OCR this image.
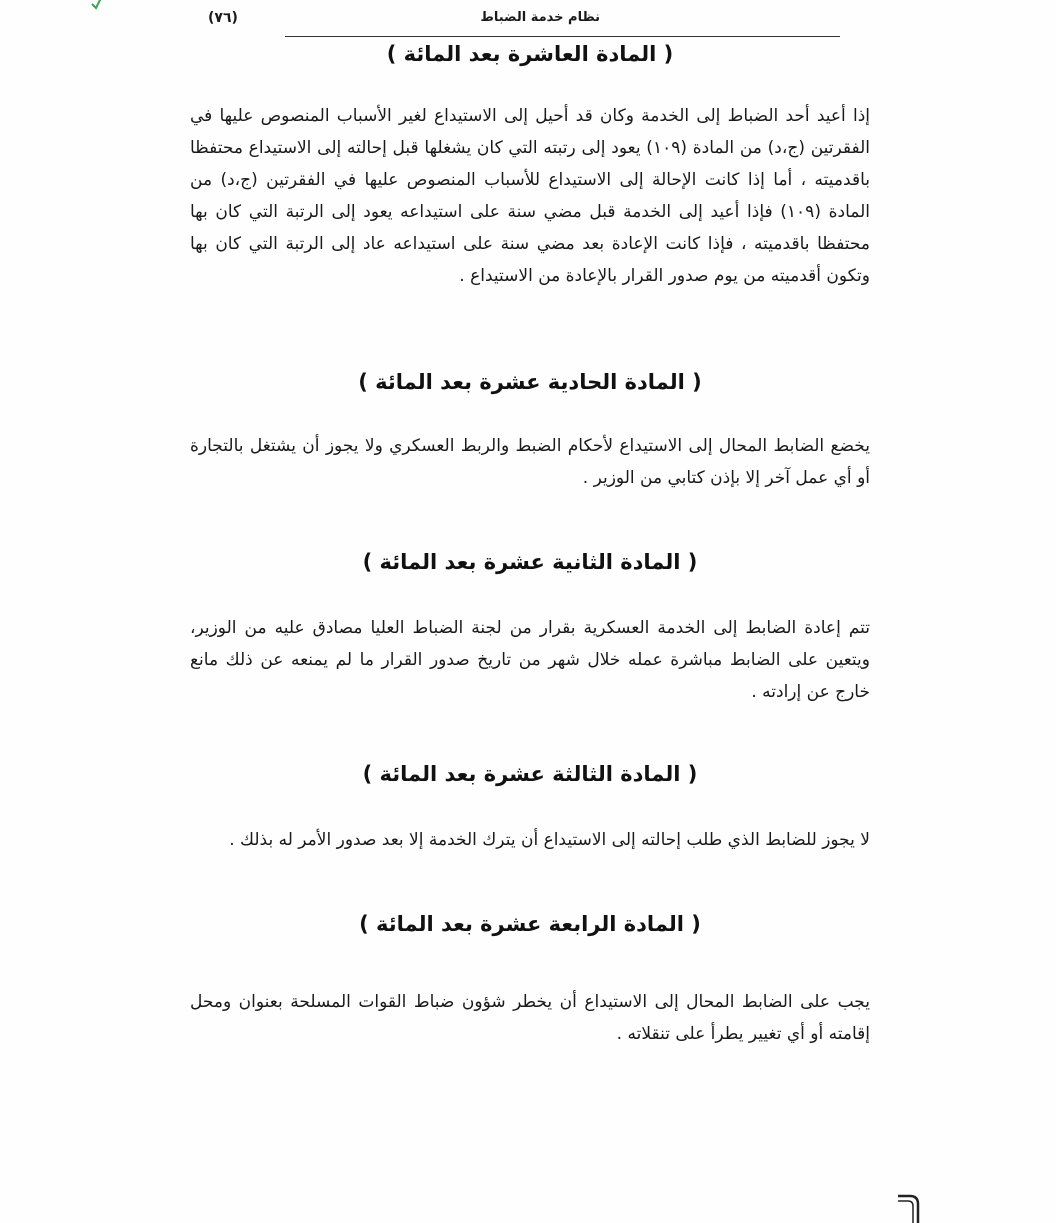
نظام خدمة الضباط
(٧٦)
( المادة العاشرة بعد المائة )
إذا أعيد أحد الضباط إلى الخدمة وكان قد أحيل إلى الاستيداع لغير الأسباب المنصوص عليها في الفقرتين (ج،د) من المادة (١٠٩) يعود إلى رتبته التي كان يشغلها قبل إحالته إلى الاستيداع محتفظا باقدميته ، أما إذا كانت الإحالة إلى الاستيداع للأسباب المنصوص عليها في الفقرتين (ج،د) من المادة (١٠٩) فإذا أعيد إلى الخدمة قبل مضي سنة على استيداعه يعود إلى الرتبة التي كان بها محتفظا باقدميته ، فإذا كانت الإعادة بعد مضي سنة على استيداعه عاد إلى الرتبة التي كان بها وتكون أقدميته من يوم صدور القرار بالإعادة من الاستيداع .
( المادة الحادية عشرة بعد المائة )
يخضع الضابط المحال إلى الاستيداع لأحكام الضبط والربط العسكري ولا يجوز أن يشتغل بالتجارة أو أي عمل آخر إلا بإذن كتابي من الوزير .
( المادة الثانية عشرة بعد المائة )
تتم إعادة الضابط إلى الخدمة العسكرية بقرار من لجنة الضباط العليا مصادق عليه من الوزير، ويتعين على الضابط مباشرة عمله خلال شهر من تاريخ صدور القرار ما لم يمنعه عن ذلك مانع خارج عن إرادته .
( المادة الثالثة عشرة بعد المائة )
لا يجوز للضابط الذي طلب إحالته إلى الاستيداع أن يترك الخدمة إلا بعد صدور الأمر له بذلك .
( المادة الرابعة عشرة بعد المائة )
يجب على الضابط المحال إلى الاستيداع أن يخطر شؤون ضباط القوات المسلحة بعنوان ومحل إقامته أو أي تغيير يطرأ على تنقلاته .
